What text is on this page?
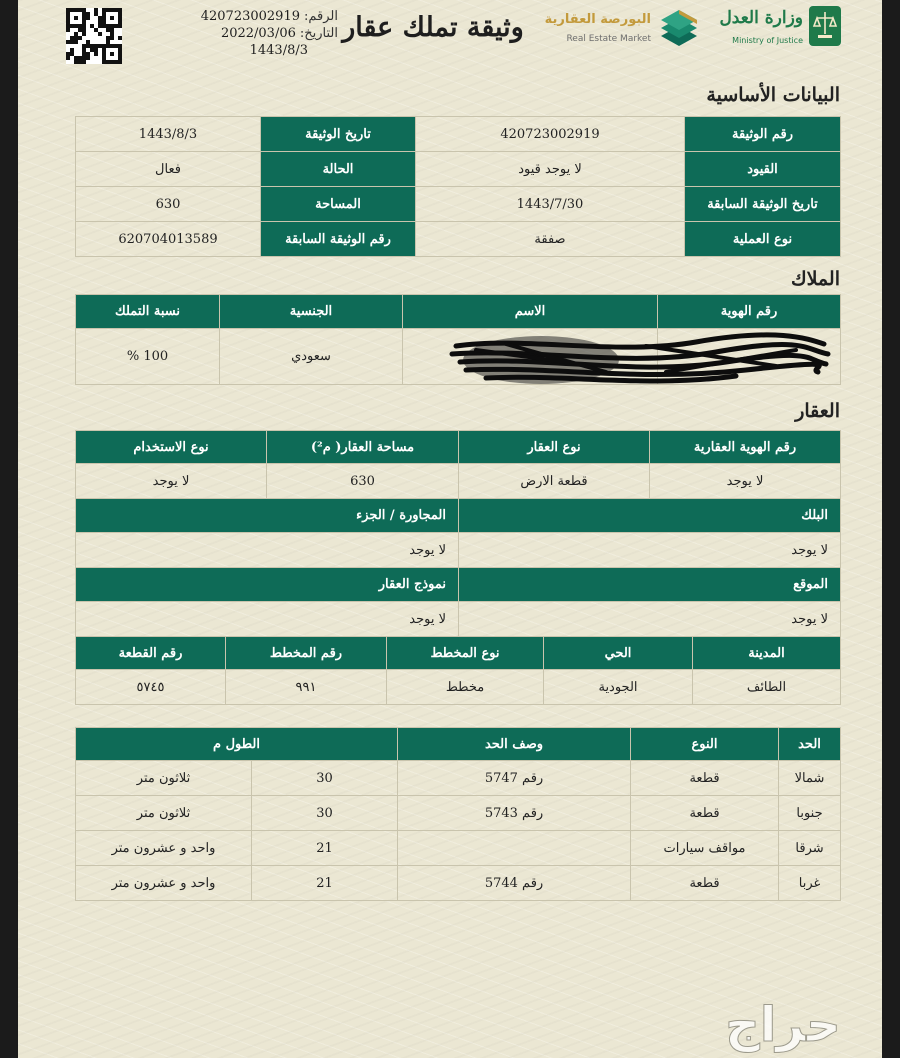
الرقم:
420723002919
التاريخ:
2022/03/06
1443/8/3
وثيقة تملك عقار	البورصة العقارية
Real Estate Market
وزارة العدل
Ministry of Justice
البيانات الأساسية
رقم الوثيقة	420723002919	تاريخ الوثيقة	1443/8/3
القيود	لا يوجد قيود	الحالة	فعال
تاريخ الوثيقة السابقة	1443/7/30	المساحة	630
نوع العملية	صفقة	رقم الوثيقة السابقة	620704013589
الملاك
رقم الهوية	الاسم	الجنسية	نسبة التملك
		سعودي	100 %
العقار
رقم الهوية العقارية	نوع العقار	مساحة العقار( م²)	نوع الاستخدام
لا يوجد	قطعة الارض	630	لا يوجد
البلك		المجاورة / الجزء	
لا يوجد		لا يوجد	
الموقع		نموذج العقار	
لا يوجد		لا يوجد	
المدينة	الحي	نوع المخطط	رقم المخطط	رقم القطعة
الطائف	الجودية	مخطط	٩٩١	٥٧٤٥
الحد	النوع	وصف الحد	الطول م	
شمالا	قطعة	رقم 5747	30	ثلاثون متر
جنوبا	قطعة	رقم 5743	30	ثلاثون متر
شرقا	مواقف سيارات		21	واحد و عشرون متر
غربا	قطعة	رقم 5744	21	واحد و عشرون متر
حراج
